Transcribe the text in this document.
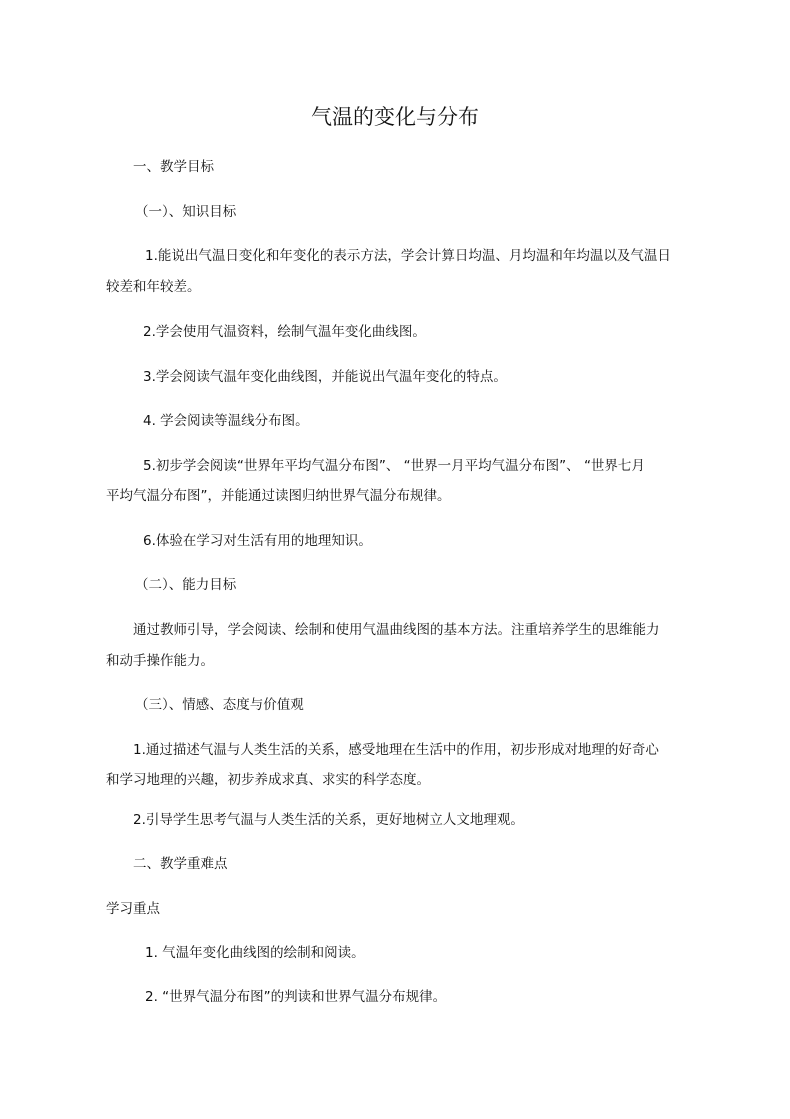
气温的变化与分布
一、教学目标
（一）、知识目标
1.能说出气温日变化和年变化的表示方法，学会计算日均温、月均温和年均温以及气温日
较差和年较差。
2.学会使用气温资料，绘制气温年变化曲线图。
3.学会阅读气温年变化曲线图，并能说出气温年变化的特点。
4. 学会阅读等温线分布图。
5.初步学会阅读“世界年平均气温分布图”、 “世界一月平均气温分布图”、 “世界七月
平均气温分布图”，并能通过读图归纳世界气温分布规律。
6.体验在学习对生活有用的地理知识。
（二）、能力目标
通过教师引导，学会阅读、绘制和使用气温曲线图的基本方法。注重培养学生的思维能力
和动手操作能力。
（三）、情感、态度与价值观
1.通过描述气温与人类生活的关系，感受地理在生活中的作用，初步形成对地理的好奇心
和学习地理的兴趣，初步养成求真、求实的科学态度。
2.引导学生思考气温与人类生活的关系，更好地树立人文地理观。
二、教学重难点
学习重点
1. 气温年变化曲线图的绘制和阅读。
2. “世界气温分布图”的判读和世界气温分布规律。
